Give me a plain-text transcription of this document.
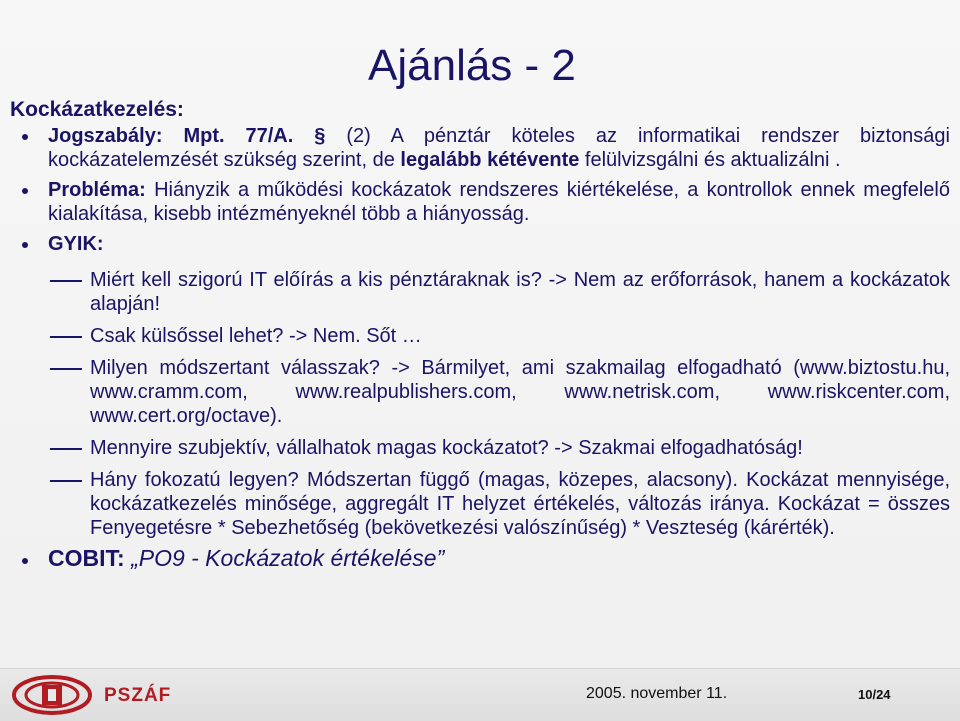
Ajánlás - 2
Kockázatkezelés:
Jogszabály: Mpt. 77/A. § (2) A pénztár köteles az informatikai rendszer biztonsági kockázatelemzését szükség szerint, de legalább kétévente felülvizsgálni és aktualizálni .
Probléma: Hiányzik a működési kockázatok rendszeres kiértékelése, a kontrollok ennek megfelelő kialakítása, kisebb intézményeknél több a hiányosság.
GYIK:
Miért kell szigorú IT előírás a kis pénztáraknak is? -> Nem az erőforrások, hanem a kockázatok alapján!
Csak külsőssel lehet? -> Nem. Sőt …
Milyen módszertant válasszak? -> Bármilyet, ami szakmailag elfogadható (www.biztostu.hu, www.cramm.com, www.realpublishers.com, www.netrisk.com, www.riskcenter.com, www.cert.org/octave).
Mennyire szubjektív, vállalhatok magas kockázatot? -> Szakmai elfogadhatóság!
Hány fokozatú legyen? Módszertan függő (magas, közepes, alacsony). Kockázat mennyisége, kockázatkezelés minősége, aggregált IT helyzet értékelés, változás iránya. Kockázat = összes Fenyegetésre * Sebezhetőség (bekövetkezési valószínűség) * Veszteség (kárérték).
COBIT: „PO9 - Kockázatok értékelése”
PSZÁF	2005. november 11.	10/24
